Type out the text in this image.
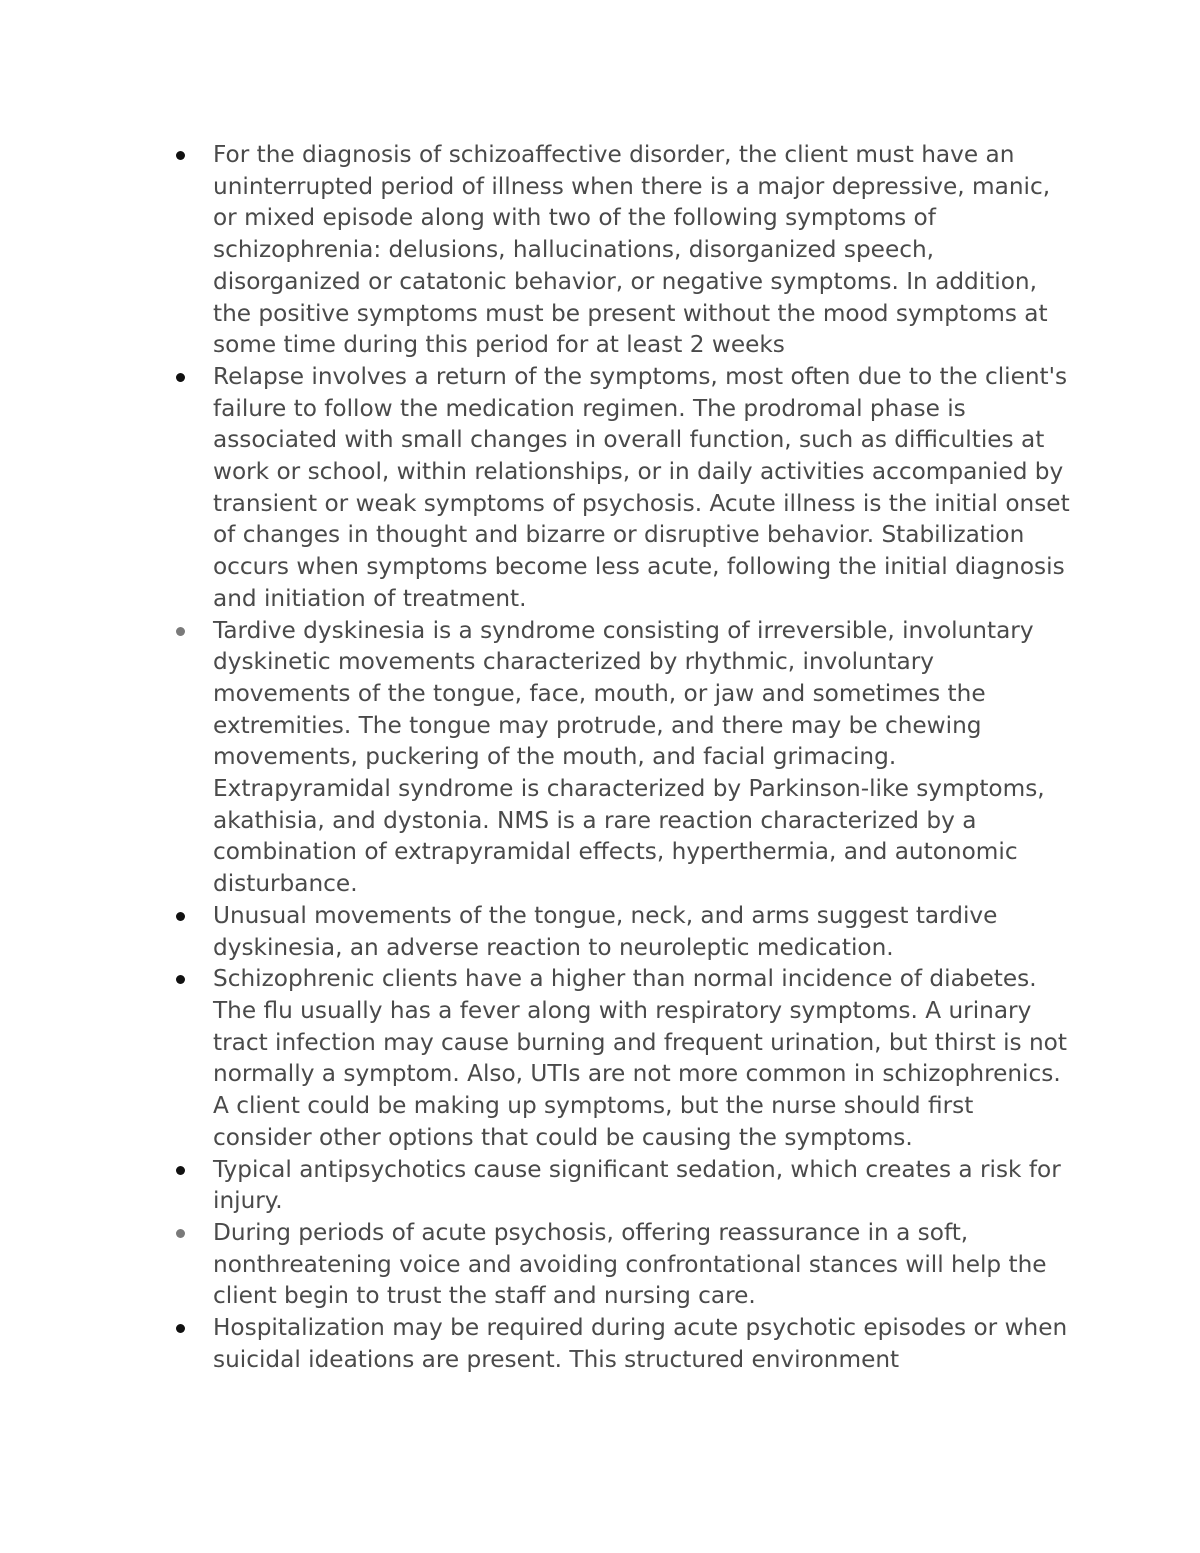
For the diagnosis of schizoaffective disorder, the client must have an uninterrupted period of illness when there is a major depressive, manic, or mixed episode along with two of the following symptoms of schizophrenia: delusions, hallucinations, disorganized speech, disorganized or catatonic behavior, or negative symptoms. In addition, the positive symptoms must be present without the mood symptoms at some time during this period for at least 2 weeks
Relapse involves a return of the symptoms, most often due to the client's failure to follow the medication regimen. The prodromal phase is associated with small changes in overall function, such as difficulties at work or school, within relationships, or in daily activities accompanied by transient or weak symptoms of psychosis. Acute illness is the initial onset of changes in thought and bizarre or disruptive behavior. Stabilization occurs when symptoms become less acute, following the initial diagnosis and initiation of treatment.
Tardive dyskinesia is a syndrome consisting of irreversible, involuntary dyskinetic movements characterized by rhythmic, involuntary movements of the tongue, face, mouth, or jaw and sometimes the extremities. The tongue may protrude, and there may be chewing movements, puckering of the mouth, and facial grimacing. Extrapyramidal syndrome is characterized by Parkinson-like symptoms, akathisia, and dystonia. NMS is a rare reaction characterized by a combination of extrapyramidal effects, hyperthermia, and autonomic disturbance.
Unusual movements of the tongue, neck, and arms suggest tardive dyskinesia, an adverse reaction to neuroleptic medication.
Schizophrenic clients have a higher than normal incidence of diabetes. The flu usually has a fever along with respiratory symptoms. A urinary tract infection may cause burning and frequent urination, but thirst is not normally a symptom. Also, UTIs are not more common in schizophrenics. A client could be making up symptoms, but the nurse should first consider other options that could be causing the symptoms.
Typical antipsychotics cause significant sedation, which creates a risk for injury.
During periods of acute psychosis, offering reassurance in a soft, nonthreatening voice and avoiding confrontational stances will help the client begin to trust the staff and nursing care.
Hospitalization may be required during acute psychotic episodes or when suicidal ideations are present. This structured environment
